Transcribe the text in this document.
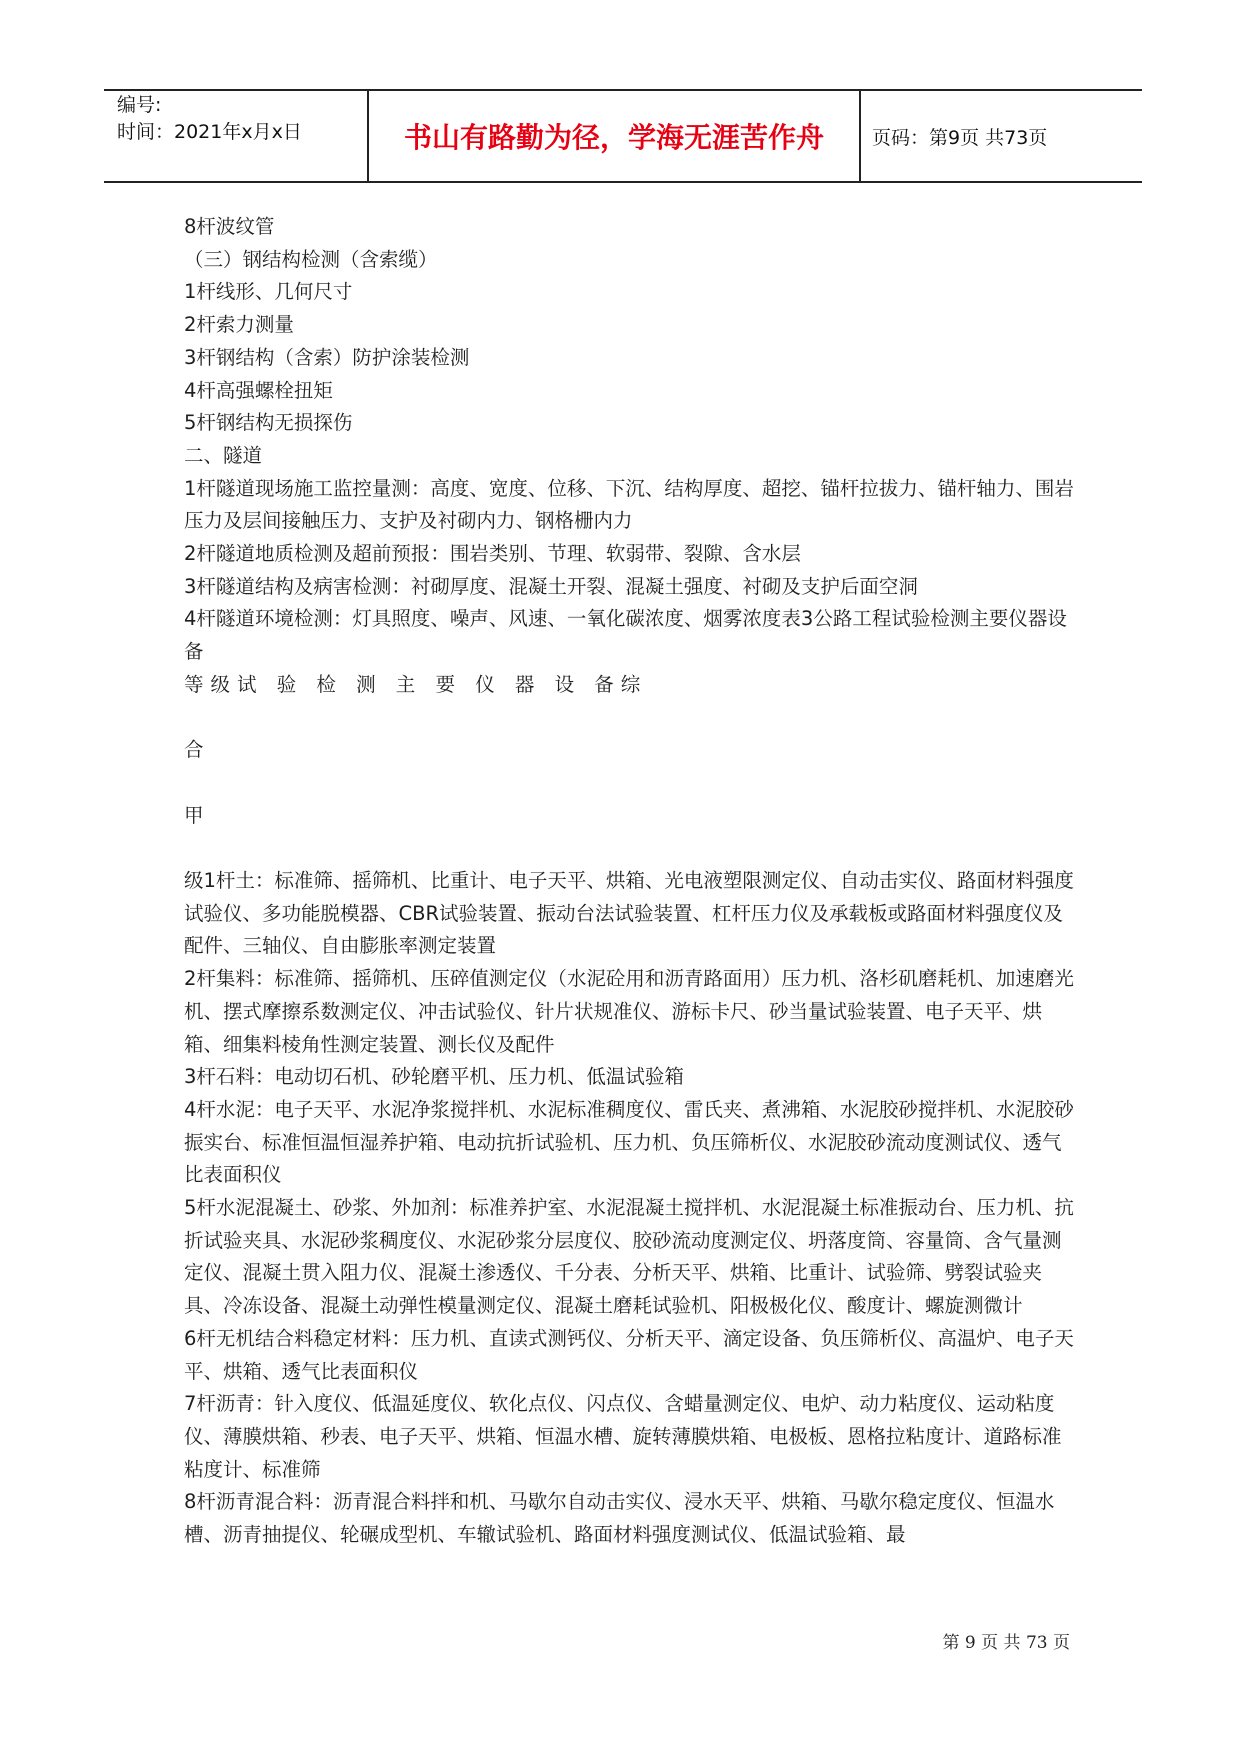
编号:
时间：2021年x月x日	书山有路勤为径，学海无涯苦作舟	页码：第9页 共73页

8杆波纹管

（三）钢结构检测（含索缆）

1杆线形、几何尺寸

2杆索力测量

3杆钢结构（含索）防护涂装检测

4杆高强螺栓扭矩

5杆钢结构无损探伤

二、隧道

1杆隧道现场施工监控量测：高度、宽度、位移、下沉、结构厚度、超挖、锚杆拉拔力、锚杆轴力、围岩压力及层间接触压力、支护及衬砌内力、钢格栅内力

2杆隧道地质检测及超前预报：围岩类别、节理、软弱带、裂隙、含水层

3杆隧道结构及病害检测：衬砌厚度、混凝土开裂、混凝土强度、衬砌及支护后面空洞

4杆隧道环境检测：灯具照度、噪声、风速、一氧化碳浓度、烟雾浓度表3公路工程试验检测主要仪器设备

等级试 验 检 测 主 要 仪 器 设 备综

合

甲

级1杆土：标准筛、摇筛机、比重计、电子天平、烘箱、光电液塑限测定仪、自动击实仪、路面材料强度试验仪、多功能脱模器、CBR试验装置、振动台法试验装置、杠杆压力仪及承载板或路面材料强度仪及配件、三轴仪、自由膨胀率测定装置

2杆集料：标准筛、摇筛机、压碎值测定仪（水泥砼用和沥青路面用）压力机、洛杉矶磨耗机、加速磨光机、摆式摩擦系数测定仪、冲击试验仪、针片状规准仪、游标卡尺、砂当量试验装置、电子天平、烘箱、细集料棱角性测定装置、测长仪及配件

3杆石料：电动切石机、砂轮磨平机、压力机、低温试验箱

4杆水泥：电子天平、水泥净浆搅拌机、水泥标准稠度仪、雷氏夹、煮沸箱、水泥胶砂搅拌机、水泥胶砂振实台、标准恒温恒湿养护箱、电动抗折试验机、压力机、负压筛析仪、水泥胶砂流动度测试仪、透气比表面积仪

5杆水泥混凝土、砂浆、外加剂：标准养护室、水泥混凝土搅拌机、水泥混凝土标准振动台、压力机、抗折试验夹具、水泥砂浆稠度仪、水泥砂浆分层度仪、胶砂流动度测定仪、坍落度筒、容量筒、含气量测定仪、混凝土贯入阻力仪、混凝土渗透仪、千分表、分析天平、烘箱、比重计、试验筛、劈裂试验夹具、冷冻设备、混凝土动弹性模量测定仪、混凝土磨耗试验机、阳极极化仪、酸度计、螺旋测微计

6杆无机结合料稳定材料：压力机、直读式测钙仪、分析天平、滴定设备、负压筛析仪、高温炉、电子天平、烘箱、透气比表面积仪

7杆沥青：针入度仪、低温延度仪、软化点仪、闪点仪、含蜡量测定仪、电炉、动力粘度仪、运动粘度仪、薄膜烘箱、秒表、电子天平、烘箱、恒温水槽、旋转薄膜烘箱、电极板、恩格拉粘度计、道路标准粘度计、标准筛

8杆沥青混合料：沥青混合料拌和机、马歇尔自动击实仪、浸水天平、烘箱、马歇尔稳定度仪、恒温水槽、沥青抽提仪、轮碾成型机、车辙试验机、路面材料强度测试仪、低温试验箱、最

第 9 页 共 73 页
